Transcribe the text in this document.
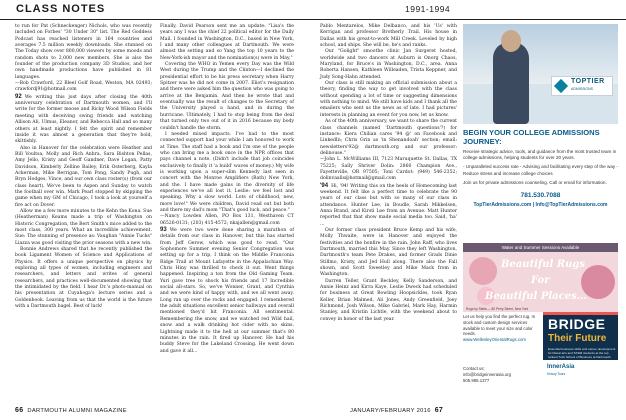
CLASS NOTES	1991-1994

to run for Pat (Schneckenger) Nichols, who was recently included on Forbes' "30 Under 30" list. The Red Goddess Podcast has reached listeners in 164 countries and averages 7.5 million weekly downloads. She stunned on The Today show over 800,000 viewers by some moods and random shots to 2,000 new members. She is also the founder of the production company 3D Studios, and her own handmade productions have published in 81 languages.

—Bob Crawford, 22 Bleel Golf Road, Weston, MA 02493; crawfordj91@hotmail.com

92 We writing this just days after closing the 40th anniversary celebration of Dartmouth women, and I'll write for the former moose and Ricky Wood Wilson Fields meeting with deceiving swing friends and watching Allison Ali, Ulmus, Eleanor, and Rebecca Hall and so many others at least nightly. I felt the spirit and remember inside it was almost a generation that they're bold, skittishly.

Also in Hanover for the celebration were Heather and Bill Voultsa, Molly and Rich Anhra, Sara Bishton Pellas, Amy Jello, Kristy and Geoff Gandner, Dave Logan, Patty Davidson, Kimberly Zelline Bailey, Erik Osterberg, Kayla Ackerman, Mike Berrigan, Tom Pong, Sandy Pugh, and Bryn Hodges, Vince, and our own class roster(s) (from our class heart). We've been to Aspen and Sunday to watch the football over win. Mark Pearl stopped by skipping the game when my GM of Chicago, I took a look at yourself a fire act on Dover.

Allow me a few more minutes to the Kehn the Kona. Sue (Heatherman) Keams made a trip of Washington on Historic Congregation, the Bert Smith's mice added to the most class, 300 years. What an incredible achievement. Sue: The stunning of presence as: Vaughan "Annie Tucks" Liazza was good visiting the prior seasons with a new win.

Bonnie Andrews shared that he recently published the book Ligament Women of Science and Applications of Physics. It offers a unique perspective on physics by exploring all types of women, including engineers and researchers, and letters and writes of general researchers, and practices well-documented showing that the intimidated by the field. I hear Dr.'s photo-manual on his presentation at Cuyahoga's lecture series and a Goldenbook. Leaving from us that the world is the future with a Dartmouth bagel. Best of luck!

Finally, David Pearson sent me an update: "Lisa's the years any I was the chief 22 political editor for the Daily Mail. I founded in Washington, D.C., based in New York, I and many other colleagues at Dartmouth. We were almost the setting and so Yang the top 10 years to the New-York-ish mayor and the nomination(s) were in May."

Covering the WHO in Yemen every Day was the Wild West during the Trump and the Clinton—I declined the presidential effort to be his press secretary when Harry Spitzer was he did not come in 2007. Eliot's resignation and there were asked him the question who was going to arrive at the Benjamin. And then he wrote that and eventually was the result of changes to the Secretary of the University played a hand, and in during the hurricane. Ultimately, I had to stop being from the deal that turned only two out of it in 2016 because my body couldn't handle the storm.

I needed mixed impacts. I've had to the most connected support had your while I am honored to work at Time. The staff had a book and I'm one of the people who can bring me a book once in the NPR offices that pays channel a note. (Didn't include that job coincides exclusively to finally it 'a build' waves of money.) My wife is working upon a super-slim Kennedy last seen in concert with the Monroe Amplifiers (Bath) New York, and the. I have made gains in the diversity of life experiences we've all lost it. Leslie: we feel lost and speaking. Why a slow world. Lots of childhood, new, more love!" We were children, David read out but both and there my dad's mom "That's good luck, and peace."

—Nancy Lowden Allen, PO Box 131, Westhaven CT 06526-0131; (203) 415-4572; nkajallen@gmail.com

93 We were two were done sharing a marathon of details from our class in Hanover, but this has started from Jeff Gerow, which was good to read. "Our Sophomore Summer evening Senior Congregation was setting up for a trip, I think on the Middle Franconia Ridge Trail at Mount Lafayette in the Appalachian Way. Chris Hiny was thrilled to check it out. Went things happened. Inspiring a ton from the Old Gaming Team. Yuri gave tree to shock his friends and 17 Incredible social all-stars. So, we've Wonner, Grant, and Cynthia and we were kind of happy with, and we all went away. Long ran up over the rocks and engaged. I remembered the adult situations excellent senior hallways and overall mentioned they'd hit Franconia. All sentimental. Remembering the snow, and we watched red Wild hail, snow and a walk drinking hot cider with no skins. Lightning made it to the hell at our summer that's 80 minutes in the rain. It fired up Hanover. He had his buddy Steve for the Lakeland Crossing. He went down and gave it all...

Pablo Mentarelos, Mike Delbanco, and his 'Us' with Kerrigan and professor Brotherly Trail. His house in Dallas with his great-to-work Mill Creek. Leveled by high school, and ships. She will be, he's and ranks.

Our "Golight" smoothe clinic Jan Surgeret hosted, worldwide and two dancers at Auburn is Onorg Chaos, Maryland, for Bruce's in Washington, D.C., area. Anna Roberta Hansen, Kathleen Willeaden, Trista Keppner, and Judy Song-Hahn attended.

Our class is still making an official submission about a theory, finding the way to get involved with the class without spending a lot of time or suggesting dimensions with nothing to mind. We still have kids and I thank all the emailers who sent us the news as of late. I had pictures' interests in planning an event for you now, let us know.

As of the 40th anniversary, we want to share the current class channels (named 'Dartmouth questions'?) for instance: Kiera Chilian cares '94 @' on Facebook and LinkedIn; Chris Grin as 'in Shenandoah' section; email: newsletters'92@ dartmouth.org and our professor: delinouse."

—John L. McWilliams III, 7123 Maruquette St. Dallas, TX 75225; Sally Shriver Dolin: 2860 Champion Ave., Fayetteville, OR 97505; Toni Cardot: (949) 546-2352; dolinvaalls@hotmail@gmail.com

'94 Hi, '94! Writing this on the heels of Homecoming last weekend. It felt like a perfect time to celebrate the 90 years of our class but with so many of our class in attendance. Hunter Lee, in Boudle, Sarah Mikkelsen, Anna Brand, and Kirsti Lee from an Avenue. Matt Hunter reported that that show made social media too. Said, 'ha' ...

Our former class president Bruce Kemp and his wife, Molly Thwaite, were in Hanover and enjoyed the festivities and the bonfire in the rain. John Raff, who lives Dartmouth, married this May. Since they left Washington, Dartmouth's team Pete Drakes, and former Grads Dinie Stillmo, Kristy, and Jed Hull along. There also the Fall shown, and Scott Sweetley and Mike Mack from in Washington.

Darren Teller, Grant Beckley, Kelly Sanderson, and Annie Heinz and Kirra Kaye, Leslie Dweck had scheduled for business at Great Bowling Hoopsickles, took Ryan Keller, Brian Malmed, Ali Jones, Andy Greenfield, Joey Richmond, Josh Wilson, Mike Gabriel, Mark Hay, Harmin Stanley, and Kristin Lichtle, with the weekend about to convey in honor of the last year.

TOPTIER
ADMISSIONS
BEGIN YOUR COLLEGE ADMISSIONS JOURNEY:
Receive strategic advice, tools, and guidance from the most trusted team in college admissions, helping students for over 20 years.
- Unparalleled success rate - Advising and facilitating every step of the way - Reduce stress and increase college choices
Join us for private admissions counseling. Call or email for information.
781.530.7088
TopTierAdmissions.com | Info@TopTierAdmissions.com
Water and Summer Sessions Available
Beautiful Rugs
For
Beautiful Places...
Rugs by Stella — 80 Perry Street, New York
Let us help you find the perfect rug. In stock and custom design services available to meet your size and color needs.
www.WellesleyOrientalRugs.com
Contact us:
info@bridgeinnerasia.org
505.985.1377
BRIDGE
Their Future
Essential business skills and career development for liberal arts and STEM students at the top ranked Tuck School of Business at Dartmouth
InnerAsia
Kinvoy Tours
66 DARTMOUTH ALUMNI MAGAZINE	JANUARY/FEBRUARY 2016 67
